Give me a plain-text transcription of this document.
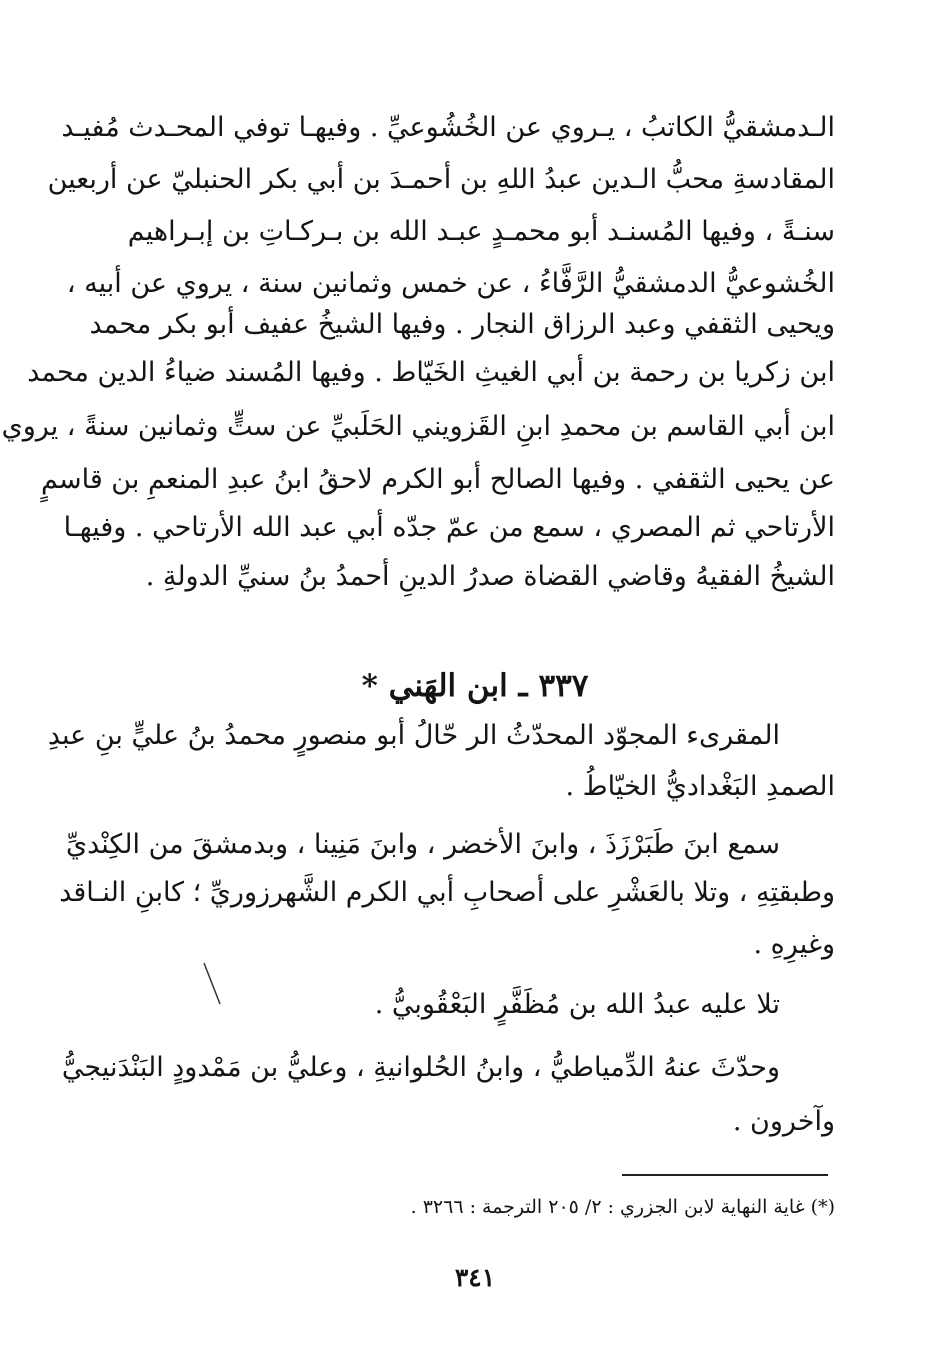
الـدمشقيُّ الكاتبُ ، يـروي عن الخُشُوعيِّ . وفيهـا توفي المحـدث مُفيـد
المقادسةِ محبُّ الـدين عبدُ اللهِ بن أحمـدَ بن أبي بكر الحنبليّ عن أربعين
سنـةً ، وفيها المُسنـد أبو محمـدٍ عبـد الله بن بـركـاتِ بن إبـراهيم
الخُشوعيُّ الدمشقيُّ الرَّفَّاءُ ، عن خمس وثمانين سنة ، يروي عن أبيه ،
ويحيى الثقفي وعبد الرزاق النجار . وفيها الشيخُ عفيف أبو بكر محمد
ابن زكريا بن رحمة بن أبي الغيثِ الخَيّاط . وفيها المُسند ضياءُ الدين محمد
ابن أبي القاسم بن محمدِ ابنِ القَزويني الحَلَبيِّ عن ستٍّ وثمانين سنةً ، يروي
عن يحيى الثقفي . وفيها الصالح أبو الكرم لاحقُ ابنُ عبدِ المنعمِ بن قاسمٍ
الأرتاحي ثم المصري ، سمع من عمّ جدّه أبي عبد الله الأرتاحي . وفيهـا
الشيخُ الفقيهُ وقاضي القضاة صدرُ الدينِ أحمدُ بنُ سنيِّ الدولةِ .
٣٣٧ ـ ابن الهَني *
المقرىء المجوّد المحدّثُ الر حّالُ أبو منصورٍ محمدُ بنُ عليٍّ بنِ عبدِ
الصمدِ البَغْداديُّ الخيّاطُ .
سمع ابنَ طَبَرْزَذَ ، وابنَ الأخضر ، وابنَ مَنِينا ، وبدمشقَ من الكِنْديِّ
وطبقتِهِ ، وتلا بالعَشْرِ على أصحابِ أبي الكرم الشَّهرزوريِّ ؛ كابنِ النـاقد
وغيرِهِ .
تلا عليه عبدُ الله بن مُظَفَّرٍ البَعْقُوبيُّ .
وحدّثَ عنهُ الدِّمياطيُّ ، وابنُ الحُلوانيةِ ، وعليُّ بن مَمْدودٍ البَنْدَنيجيُّ
وآخرون .
(*) غاية النهاية لابن الجزري : ٢/ ٢٠٥ الترجمة : ٣٢٦٦ .
٣٤١
